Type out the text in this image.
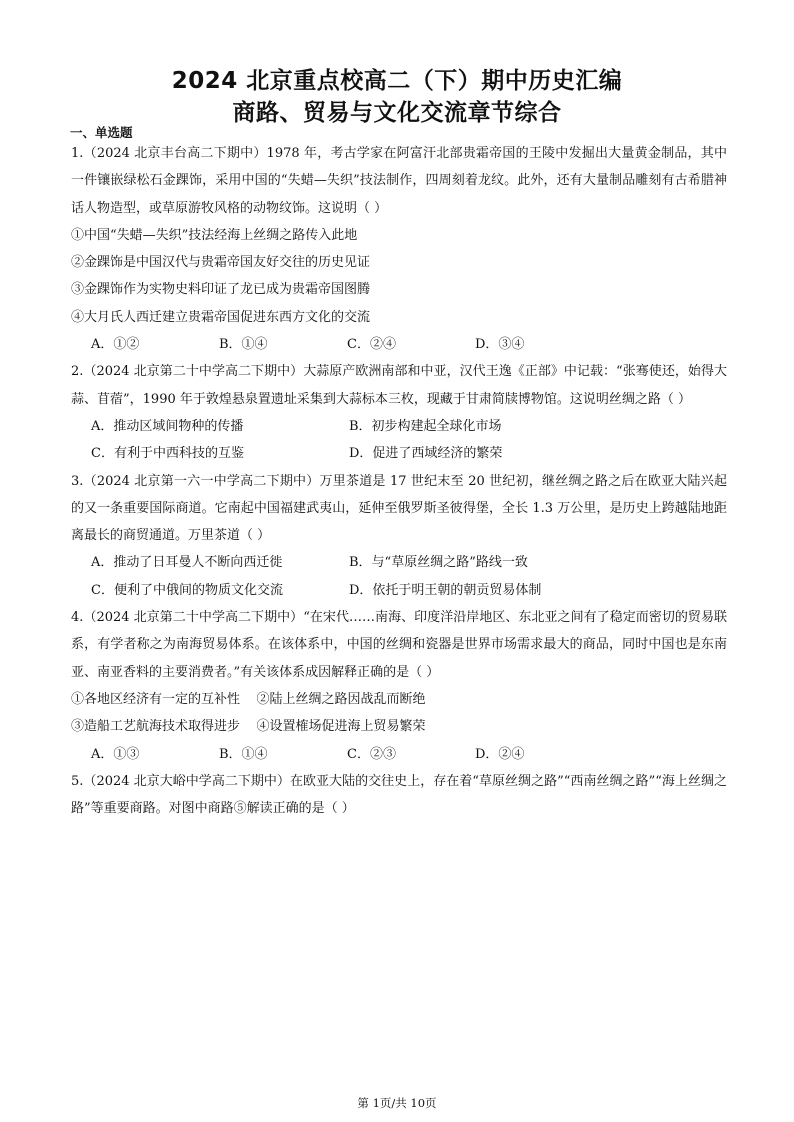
2024 北京重点校高二（下）期中历史汇编
商路、贸易与文化交流章节综合
一、单选题

1.（2024 北京丰台高二下期中）1978 年，考古学家在阿富汗北部贵霜帝国的王陵中发掘出大量黄金制品，其中一件镶嵌绿松石金踝饰，采用中国的“失蜡—失织”技法制作，四周刻着龙纹。此外，还有大量制品雕刻有古希腊神话人物造型，或草原游牧风格的动物纹饰。这说明（ ）

①中国“失蜡—失织”技法经海上丝绸之路传入此地

②金踝饰是中国汉代与贵霜帝国友好交往的历史见证

③金踝饰作为实物史料印证了龙已成为贵霜帝国图腾

④大月氏人西迁建立贵霜帝国促进东西方文化的交流

A．①②	B．①④	C．②④	D．③④

2.（2024 北京第二十中学高二下期中）大蒜原产欧洲南部和中亚，汉代王逸《正部》中记载：“张骞使还，始得大蒜、苜蓿”，1990 年于敦煌悬泉置遗址采集到大蒜标本三枚，现藏于甘肃简牍博物馆。这说明丝绸之路（ ）

A．推动区域间物种的传播	B．初步构建起全球化市场
C．有利于中西科技的互鉴	D．促进了西域经济的繁荣

3.（2024 北京第一六一中学高二下期中）万里茶道是 17 世纪末至 20 世纪初，继丝绸之路之后在欧亚大陆兴起的又一条重要国际商道。它南起中国福建武夷山，延伸至俄罗斯圣彼得堡，全长 1.3 万公里，是历史上跨越陆地距离最长的商贸通道。万里茶道（ ）

A．推动了日耳曼人不断向西迁徙	B．与“草原丝绸之路”路线一致
C．便利了中俄间的物质文化交流	D．依托于明王朝的朝贡贸易体制

4.（2024 北京第二十中学高二下期中）“在宋代……南海、印度洋沿岸地区、东北亚之间有了稳定而密切的贸易联系，有学者称之为南海贸易体系。在该体系中，中国的丝绸和瓷器是世界市场需求最大的商品，同时中国也是东南亚、南亚香料的主要消费者。”有关该体系成因解释正确的是（ ）

①各地区经济有一定的互补性    ②陆上丝绸之路因战乱而断绝

③造船工艺航海技术取得进步    ④设置榷场促进海上贸易繁荣

A．①③	B．①④	C．②③	D．②④

5.（2024 北京大峪中学高二下期中）在欧亚大陆的交往史上，存在着“草原丝绸之路”“西南丝绸之路”“海上丝绸之路”等重要商路。对图中商路⑤解读正确的是（ ）

第 1页/共 10页
